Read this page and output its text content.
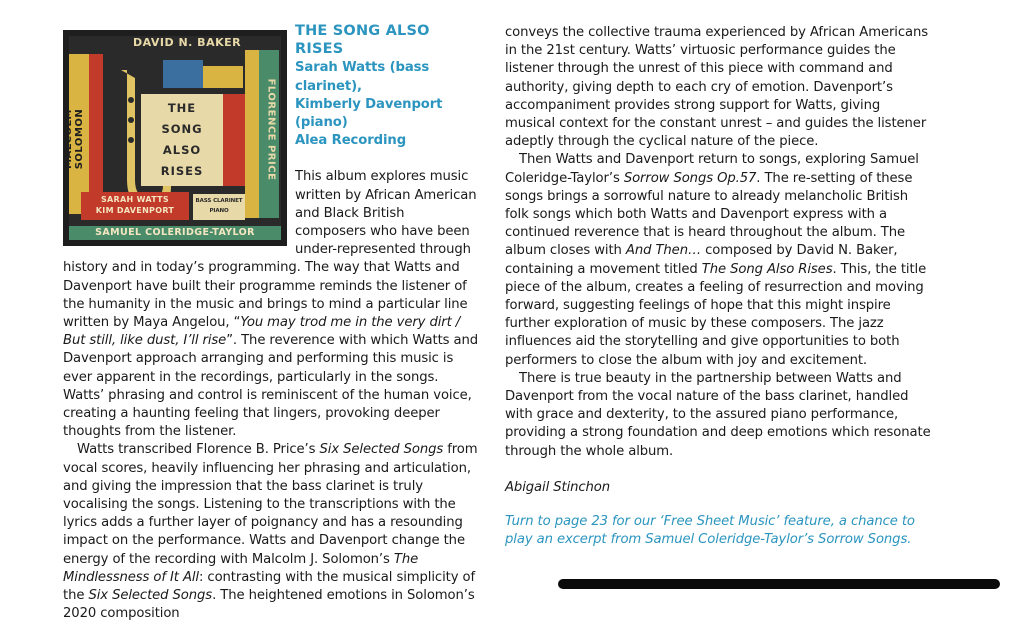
DAVID N. BAKER
MALCOLM SOLOMON	FLORENCE PRICE
THE
SONG
ALSO
RISES
SARAH WATTS
KIM DAVENPORT
BASS CLARINET
PIANO
SAMUEL COLERIDGE-TAYLOR

THE SONG ALSO RISES

Sarah Watts (bass clarinet),

Kimberly Davenport (piano)

Alea Recording

This album explores music written by African American and Black British composers who have been under-represented through history and in today’s programming. The way that Watts and Davenport have built their programme reminds the listener of the humanity in the music and brings to mind a particular line written by Maya Angelou, “You may trod me in the very dirt / But still, like dust, I’ll rise”. The reverence with which Watts and Davenport approach arranging and performing this music is ever apparent in the recordings, particularly in the songs. Watts’ phrasing and control is reminiscent of the human voice, creating a haunting feeling that lingers, provoking deeper thoughts from the listener.

Watts transcribed Florence B. Price’s Six Selected Songs from vocal scores, heavily influencing her phrasing and articulation, and giving the impression that the bass clarinet is truly vocalising the songs. Listening to the transcriptions with the lyrics adds a further layer of poignancy and has a resounding impact on the performance. Watts and Davenport change the energy of the recording with Malcolm J. Solomon’s The Mindlessness of It All: contrasting with the musical simplicity of the Six Selected Songs. The heightened emotions in Solomon’s 2020 composition

conveys the collective trauma experienced by African Americans in the 21st century. Watts’ virtuosic performance guides the listener through the unrest of this piece with command and authority, giving depth to each cry of emotion. Davenport’s accompaniment provides strong support for Watts, giving musical context for the constant unrest – and guides the listener adeptly through the cyclical nature of the piece.

Then Watts and Davenport return to songs, exploring Samuel Coleridge-Taylor’s Sorrow Songs Op.57. The re-setting of these songs brings a sorrowful nature to already melancholic British folk songs which both Watts and Davenport express with a continued reverence that is heard throughout the album. The album closes with And Then… composed by David N. Baker, containing a movement titled The Song Also Rises. This, the title piece of the album, creates a feeling of resurrection and moving forward, suggesting feelings of hope that this might inspire further exploration of music by these composers. The jazz influences aid the storytelling and give opportunities to both performers to close the album with joy and excitement.

There is true beauty in the partnership between Watts and Davenport from the vocal nature of the bass clarinet, handled with grace and dexterity, to the assured piano performance, providing a strong foundation and deep emotions which resonate through the whole album.

Abigail Stinchon

Turn to page 23 for our ‘Free Sheet Music’ feature, a chance to play an excerpt from Samuel Coleridge-Taylor’s Sorrow Songs.
